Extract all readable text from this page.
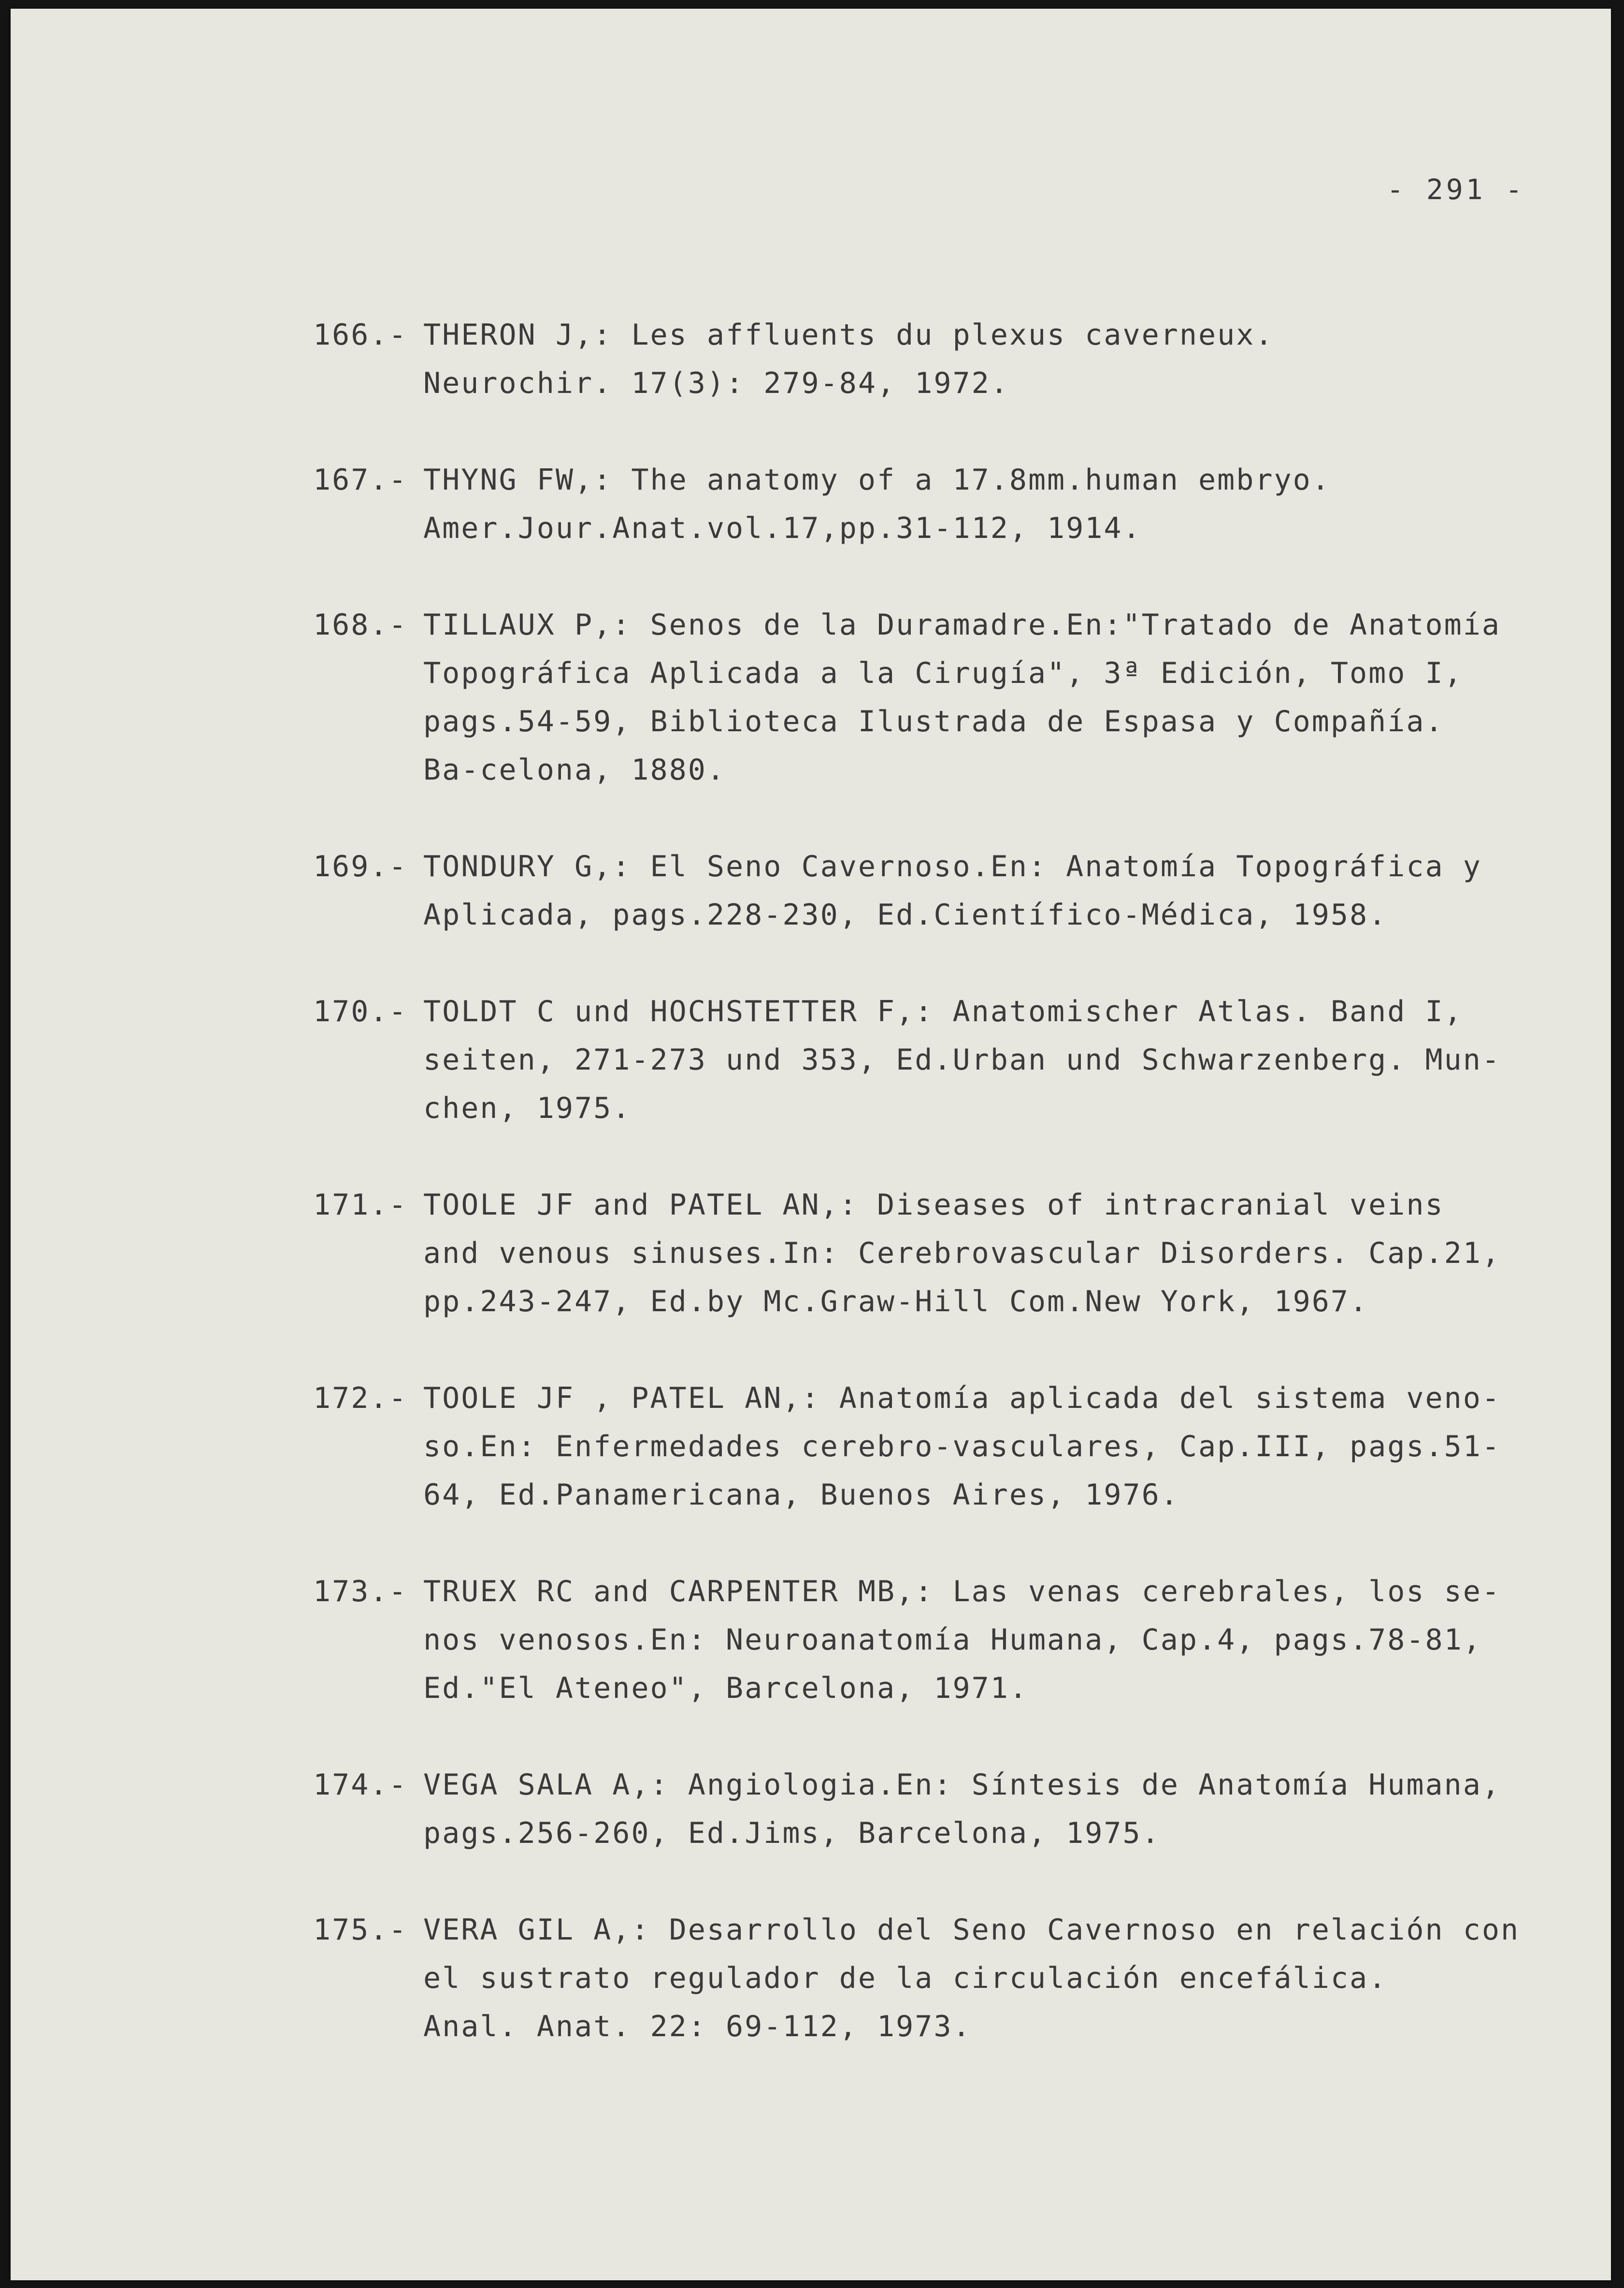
- 291 -
166.- THERON J,: Les affluents du plexus caverneux.
Neurochir. 17(3): 279-84, 1972.
167.- THYNG FW,: The anatomy of a 17.8mm.human embryo.
Amer.Jour.Anat.vol.17,pp.31-112, 1914.
168.- TILLAUX P,: Senos de la Duramadre.En:"Tratado de Anatomía
Topográfica Aplicada a la Cirugía", 3ª Edición, Tomo I,
pags.54-59, Biblioteca Ilustrada de Espasa y Compañía.
Ba-celona, 1880.
169.- TONDURY G,: El Seno Cavernoso.En: Anatomía Topográfica y
Aplicada, pags.228-230, Ed.Científico-Médica, 1958.
170.- TOLDT C und HOCHSTETTER F,: Anatomischer Atlas. Band I,
seiten, 271-273 und 353, Ed.Urban und Schwarzenberg. Mun-
chen, 1975.
171.- TOOLE JF and PATEL AN,: Diseases of intracranial veins
and venous sinuses.In: Cerebrovascular Disorders. Cap.21,
pp.243-247, Ed.by Mc.Graw-Hill Com.New York, 1967.
172.- TOOLE JF , PATEL AN,: Anatomía aplicada del sistema veno-
so.En: Enfermedades cerebro-vasculares, Cap.III, pags.51-
64, Ed.Panamericana, Buenos Aires, 1976.
173.- TRUEX RC and CARPENTER MB,: Las venas cerebrales, los se-
nos venosos.En: Neuroanatomía Humana, Cap.4, pags.78-81,
Ed."El Ateneo", Barcelona, 1971.
174.- VEGA SALA A,: Angiologia.En: Síntesis de Anatomía Humana,
pags.256-260, Ed.Jims, Barcelona, 1975.
175.- VERA GIL A,: Desarrollo del Seno Cavernoso en relación con
el sustrato regulador de la circulación encefálica.
Anal. Anat. 22: 69-112, 1973.
